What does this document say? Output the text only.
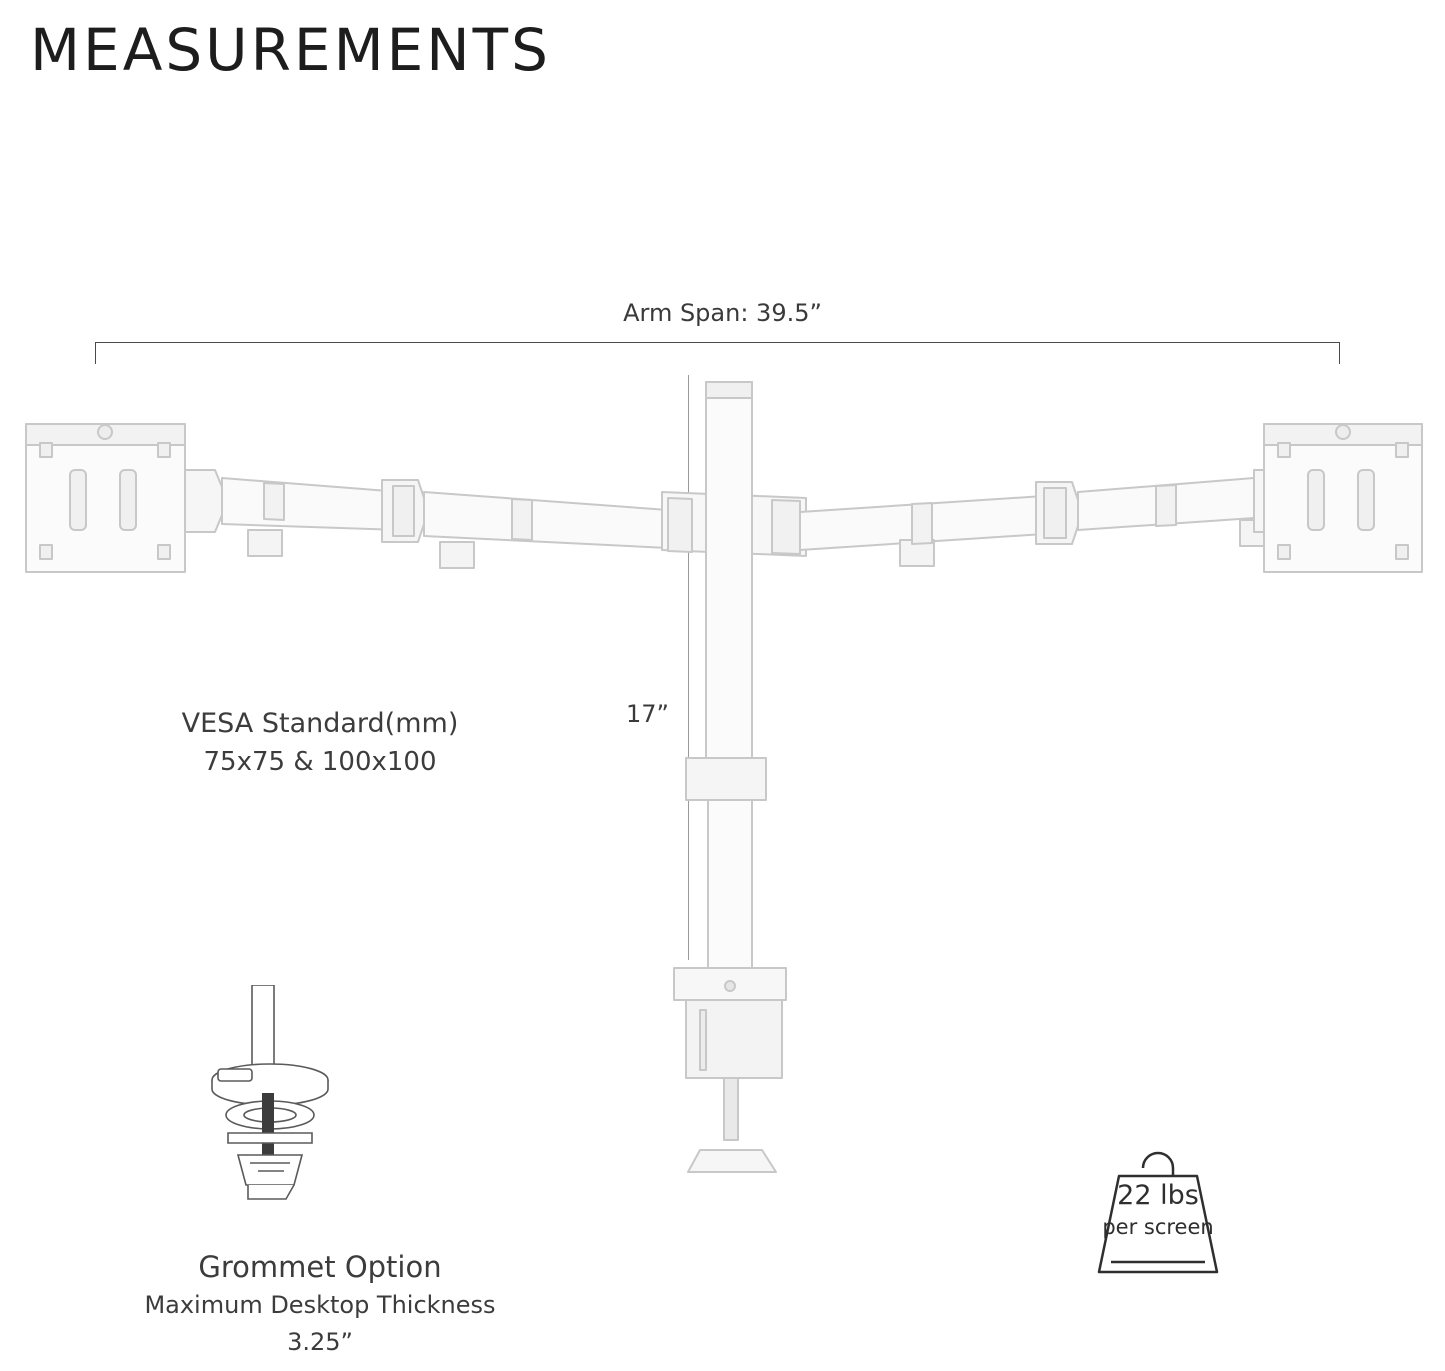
MEASUREMENTS
Arm Span: 39.5”
17”
VESA Standard(mm)
75x75 & 100x100
Grommet Option
Maximum Desktop Thickness
3.25”
22 lbs
per screen
